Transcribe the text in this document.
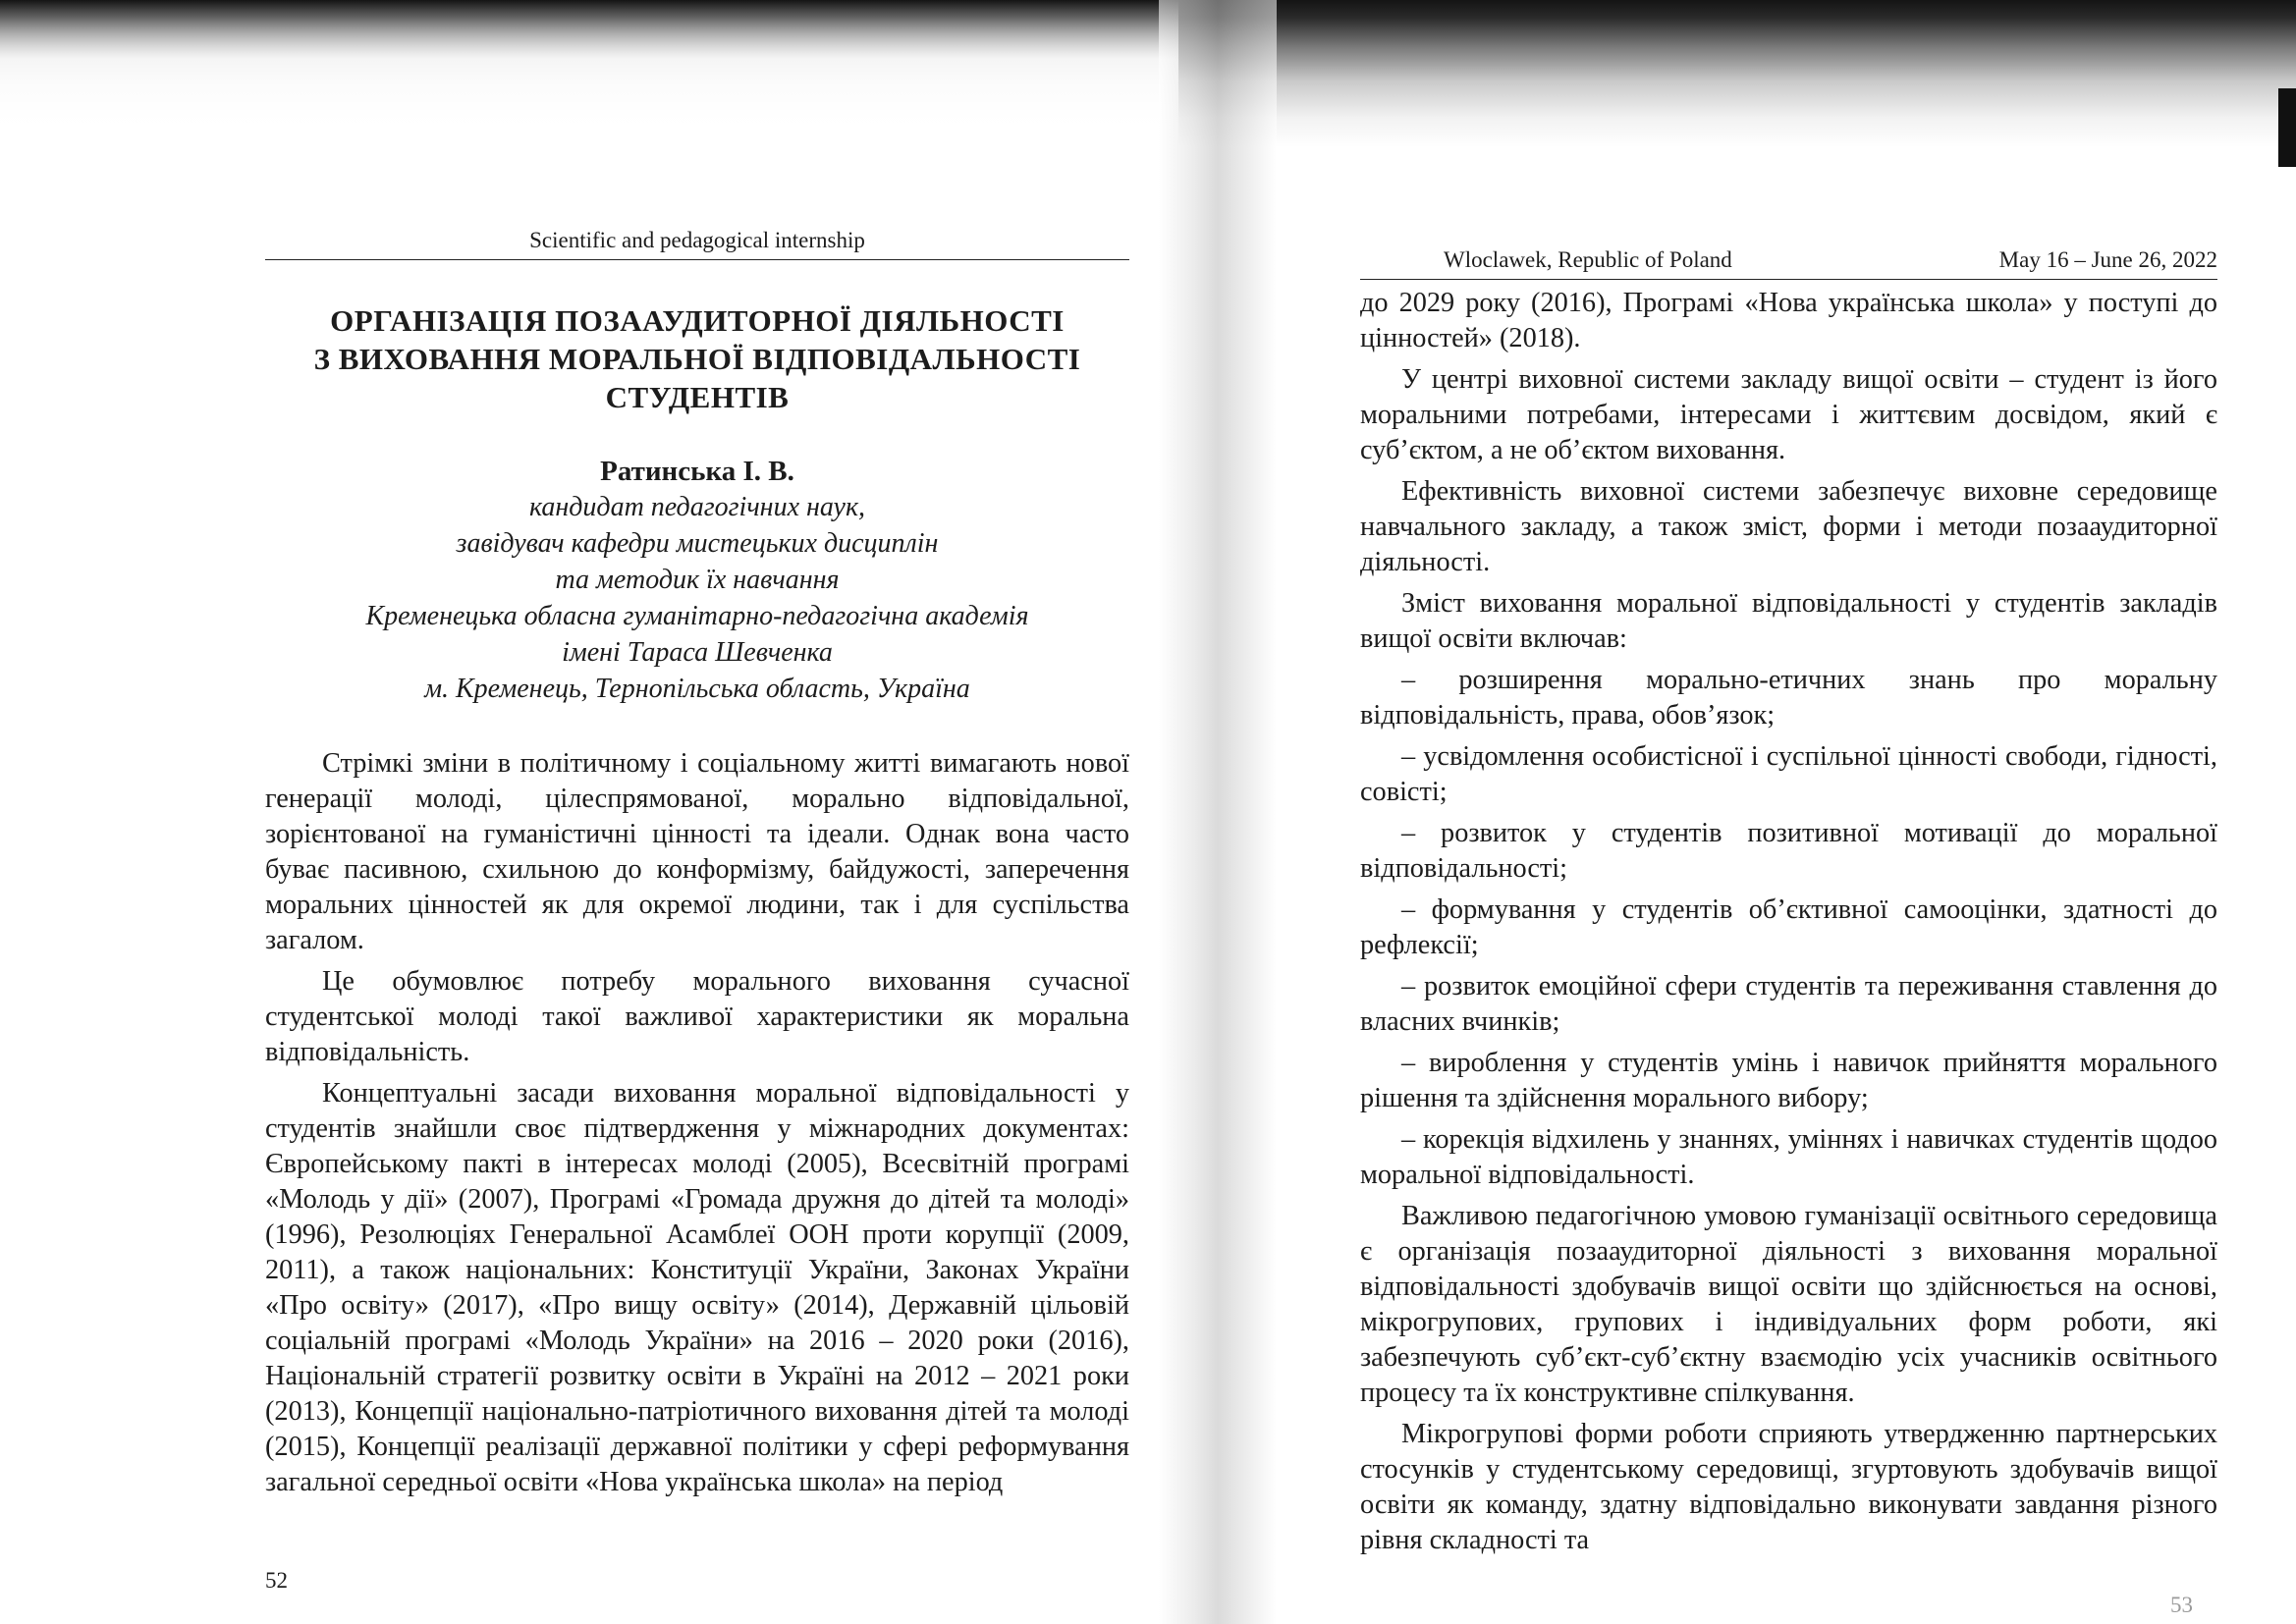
Scientific and pedagogical internship
ОРГАНІЗАЦІЯ ПОЗААУДИТОРНОЇ ДІЯЛЬНОСТІ
З ВИХОВАННЯ МОРАЛЬНОЇ ВІДПОВІДАЛЬНОСТІ
СТУДЕНТІВ
Ратинська І. В.
кандидат педагогічних наук,
завідувач кафедри мистецьких дисциплін
та методик їх навчання
Кременецька обласна гуманітарно-педагогічна академія
імені Тараса Шевченка
м. Кременець, Тернопільська область, Україна

Стрімкі зміни в політичному і соціальному житті вимагають нової генерації молоді, цілеспрямованої, морально відповідальної, зорієнтованої на гуманістичні цінності та ідеали. Однак вона часто буває пасивною, схильною до конформізму, байдужості, заперечення моральних цінностей як для окремої людини, так і для суспільства загалом.

Це обумовлює потребу морального виховання сучасної студентської молоді такої важливої характеристики як моральна відповідальність.

Концептуальні засади виховання моральної відповідальності у студентів знайшли своє підтвердження у міжнародних документах: Європейському пакті в інтересах молоді (2005), Всесвітній програмі «Молодь у дії» (2007), Програмі «Громада дружня до дітей та молоді» (1996), Резолюціях Генеральної Асамблеї ООН проти корупції (2009, 2011), а також національних: Конституції України, Законах України «Про освіту» (2017), «Про вищу освіту» (2014), Державній цільовій соціальній програмі «Молодь України» на 2016 – 2020 роки (2016), Національній стратегії розвитку освіти в Україні на 2012 – 2021 роки (2013), Концепції національно-патріотичного виховання дітей та молоді (2015), Концепції реалізації державної політики у сфері реформування загальної середньої освіти «Нова українська школа» на період

52
Wloclawek, Republic of Poland	May 16 – June 26, 2022

до 2029 року (2016), Програмі «Нова українська школа» у поступі до цінностей» (2018).

У центрі виховної системи закладу вищої освіти – студент із його моральними потребами, інтересами і життєвим досвідом, який є суб’єктом, а не об’єктом виховання.

Ефективність виховної системи забезпечує виховне середовище навчального закладу, а також зміст, форми і методи позааудиторної діяльності.

Зміст виховання моральної відповідальності у студентів закладів вищої освіти включав:

– розширення морально-етичних знань про моральну відповідальність, права, обов’язок;

– усвідомлення особистісної і суспільної цінності свободи, гідності, совісті;

– розвиток у студентів позитивної мотивації до моральної відповідальності;

– формування у студентів об’єктивної самооцінки, здатності до рефлексії;

– розвиток емоційної сфери студентів та переживання ставлення до власних вчинків;

– вироблення у студентів умінь і навичок прийняття морального рішення та здійснення морального вибору;

– корекція відхилень у знаннях, уміннях і навичках студентів щодоо моральної відповідальності.

Важливою педагогічною умовою гуманізації освітнього середовища є організація позааудиторної діяльності з виховання моральної відповідальності здобувачів вищої освіти що здійснюється на основі, мікрогрупових, групових і індивідуальних форм роботи, які забезпечують суб’єкт-суб’єктну взаємодію усіх учасників освітнього процесу та їх конструктивне спілкування.

Мікрогрупові форми роботи сприяють утвердженню партнерських стосунків у студентському середовищі, згуртовують здобувачів вищої освіти як команду, здатну відповідально виконувати завдання різного рівня складності та

53
